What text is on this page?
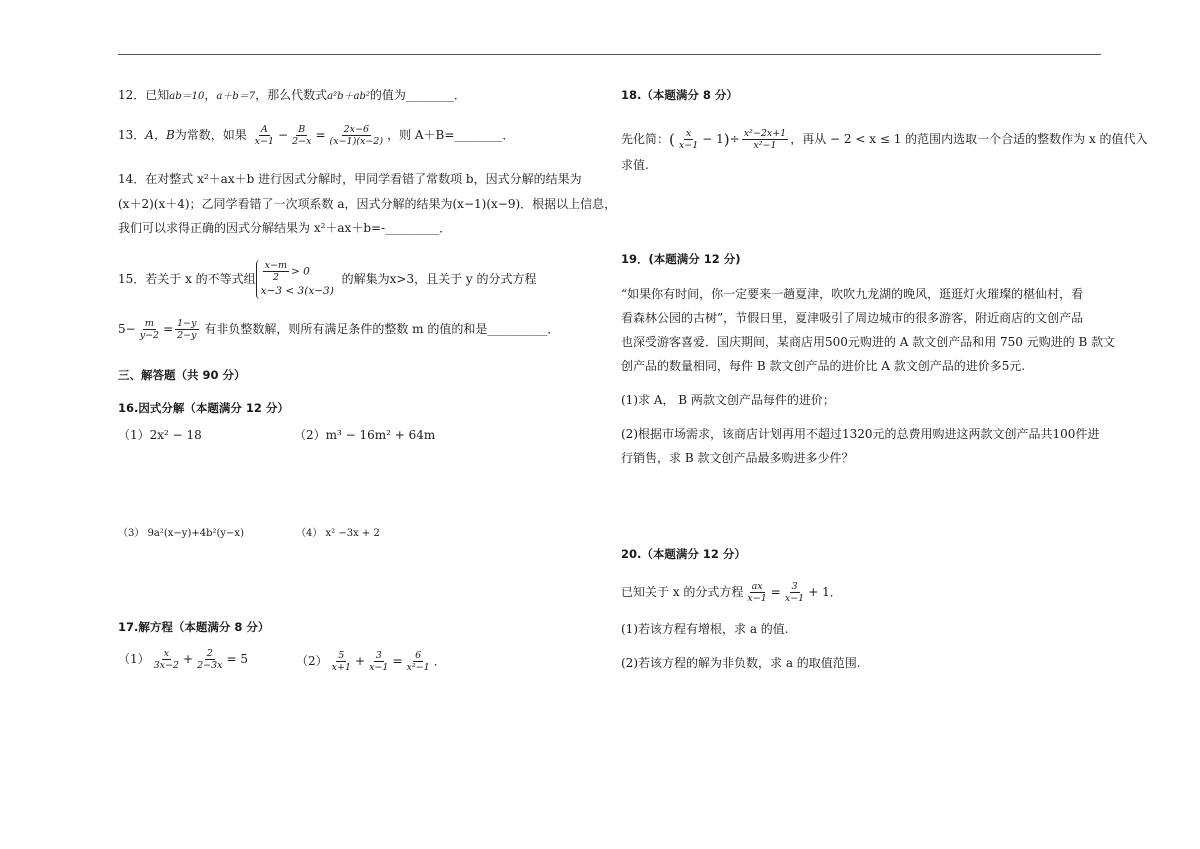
12．已知ab＝10，a＋b＝7，那么代数式a²b＋ab²的值为________．
13．A，B为常数，如果 $\frac{A}{x-1} - \frac{B}{2-x} = \frac{2x-6}{(x-1)(x-2)}$ ，则 A＋B=________．
14．在对整式 x²＋ax＋b 进行因式分解时，甲同学看错了常数项 b，因式分解的结果为
(x＋2)(x＋4)；乙同学看错了一次项系数 a，因式分解的结果为(x−1)(x−9)．根据以上信息，
我们可以求得正确的因式分解结果为 x²＋ax＋b=-_________．
15．若关于 x 的不等式组 $\frac{x-m}{2} > 0$
x−3 < 3(x−3) 的解集为x>3，且关于 y 的分式方程
$5- \frac{m}{y-2} = \frac{1-y}{2-y}$ 有非负整数解，则所有满足条件的整数 m 的值的和是__________．
三、解答题（共 90 分）
16.因式分解（本题满分 12 分）
（1）2x² − 18	（2）m³ − 16m² + 64m
（3） 9a²(x−y)+4b²(y−x)	（4） x² −3x + 2
17.解方程（本题满分 8 分）
$(1) \frac{x}{3x-2} + \frac{2}{2-3x} = 5$	$(2) \frac{5}{x+1} + \frac{3}{x-1} = \frac{6}{\text{x²−1}}$ ．
18.（本题满分 8 分）
先化简：( $\frac{x}{x-1} - 1)\div \frac{\text{x²−2x+1}}{\text{x²−1}}$ ，再从 − 2 < x ≤ 1 的范围内选取一个合适的整数作为 x 的值代入
求值.
19．(本题满分 12 分)
“如果你有时间，你一定要来一趟夏津，吹吹九龙湖的晚风，逛逛灯火璀璨的椹仙村，看
看森林公园的古树”，节假日里，夏津吸引了周边城市的很多游客，附近商店的文创产品
也深受游客喜爱．国庆期间，某商店用500元购进的 A 款文创产品和用 750 元购进的 B 款文
创产品的数量相同，每件 B 款文创产品的进价比 A 款文创产品的进价多5元.
(1)求 A， B 两款文创产品每件的进价；
(2)根据市场需求，该商店计划再用不超过1320元的总费用购进这两款文创产品共100件进
行销售，求 B 款文创产品最多购进多少件？
20.（本题满分 12 分）
已知关于 x 的分式方程 $\frac{ax}{x-1} = \frac{3}{x-1} + 1$．
(1)若该方程有增根，求 a 的值.
(2)若该方程的解为非负数，求 a 的取值范围.
